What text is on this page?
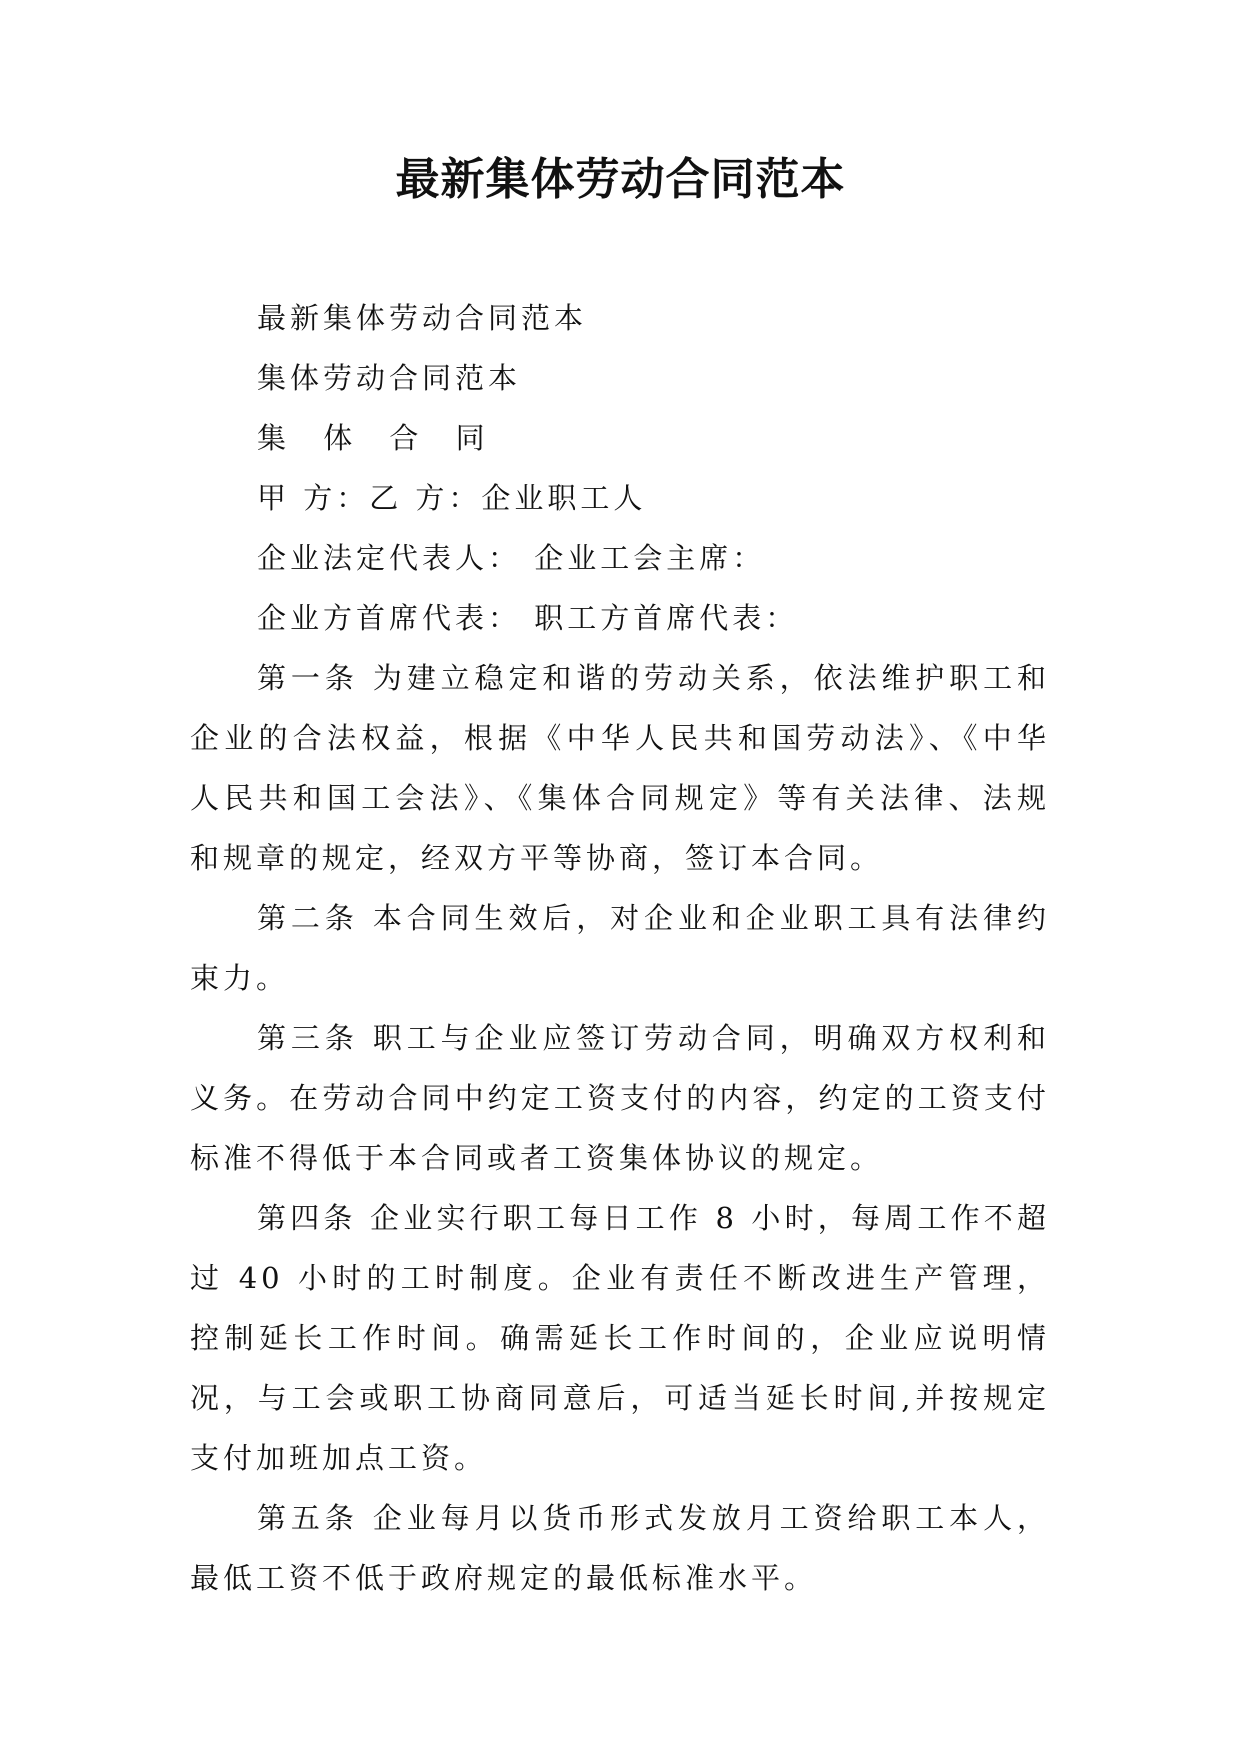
最新集体劳动合同范本

最新集体劳动合同范本

集体劳动合同范本

集 体 合 同

甲 方：乙 方：企业职工人

企业法定代表人： 企业工会主席：

企业方首席代表： 职工方首席代表：

第一条 为建立稳定和谐的劳动关系，依法维护职工和企业的合法权益，根据《中华人民共和国劳动法》、《中华人民共和国工会法》、《集体合同规定》等有关法律、法规和规章的规定，经双方平等协商，签订本合同。

第二条 本合同生效后，对企业和企业职工具有法律约束力。

第三条 职工与企业应签订劳动合同，明确双方权利和义务。在劳动合同中约定工资支付的内容，约定的工资支付标准不得低于本合同或者工资集体协议的规定。

第四条 企业实行职工每日工作 8 小时，每周工作不超过 40 小时的工时制度。企业有责任不断改进生产管理，控制延长工作时间。确需延长工作时间的，企业应说明情况，与工会或职工协商同意后，可适当延长时间,并按规定支付加班加点工资。

第五条 企业每月以货币形式发放月工资给职工本人，最低工资不低于政府规定的最低标准水平。
